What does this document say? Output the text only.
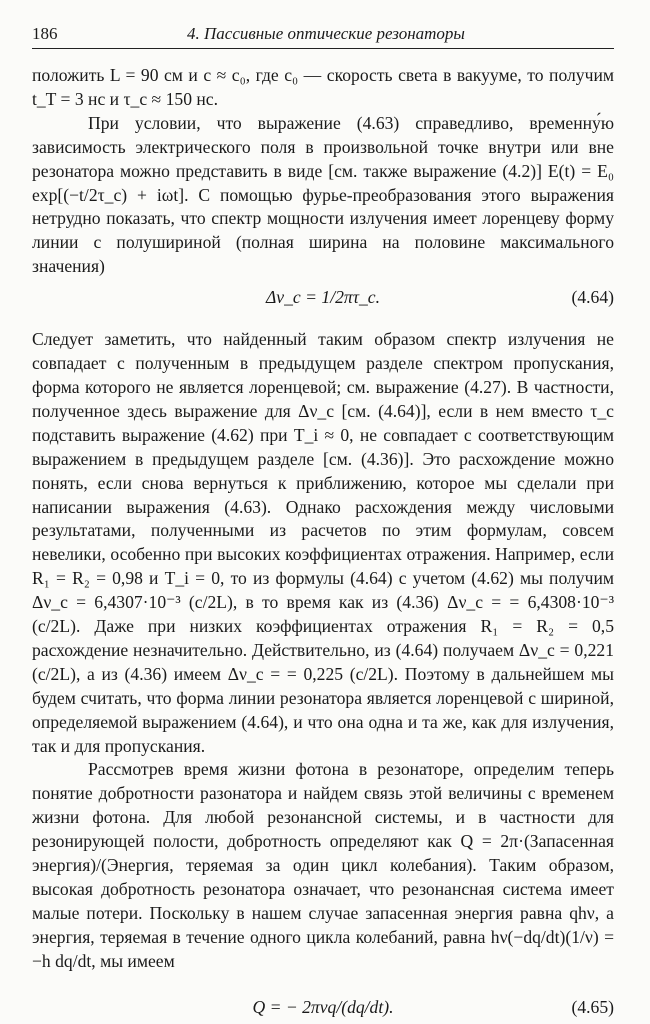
186	4. Пассивные оптические резонаторы

положить L = 90 см и c ≈ c₀, где c₀ — скорость света в вакууме, то получим t_T = 3 нс и τ_c ≈ 150 нс.

При условии, что выражение (4.63) справедливо, временну́ю зависимость электрического поля в произвольной точке внутри или вне резонатора можно представить в виде [см. также выражение (4.2)] E(t) = E₀ exp[(−t/2τ_c) + iωt]. С помощью фурье-преобразования этого выражения нетрудно показать, что спектр мощности излучения имеет лоренцеву форму линии с полушириной (полная ширина на половине максимального значения)

Δν_c = 1/2πτ_c.	(4.64)

Следует заметить, что найденный таким образом спектр излучения не совпадает с полученным в предыдущем разделе спектром пропускания, форма которого не является лоренцевой; см. выражение (4.27). В частности, полученное здесь выражение для Δν_c [см. (4.64)], если в нем вместо τ_c подставить выражение (4.62) при T_i ≈ 0, не совпадает с соответствующим выражением в предыдущем разделе [см. (4.36)]. Это расхождение можно понять, если снова вернуться к приближению, которое мы сделали при написании выражения (4.63). Однако расхождения между числовыми результатами, полученными из расчетов по этим формулам, совсем невелики, особенно при высоких коэффициентах отражения. Например, если R₁ = R₂ = 0,98 и T_i = 0, то из формулы (4.64) с учетом (4.62) мы получим Δν_c = 6,4307·10⁻³ (c/2L), в то время как из (4.36) Δν_c = = 6,4308·10⁻³ (c/2L). Даже при низких коэффициентах отражения R₁ = R₂ = 0,5 расхождение незначительно. Действительно, из (4.64) получаем Δν_c = 0,221 (c/2L), а из (4.36) имеем Δν_c = = 0,225 (c/2L). Поэтому в дальнейшем мы будем считать, что форма линии резонатора является лоренцевой с шириной, определяемой выражением (4.64), и что она одна и та же, как для излучения, так и для пропускания.

Рассмотрев время жизни фотона в резонаторе, определим теперь понятие добротности разонатора и найдем связь этой величины с временем жизни фотона. Для любой резонансной системы, и в частности для резонирующей полости, добротность определяют как Q = 2π·(Запасенная энергия)/(Энергия, теряемая за один цикл колебания). Таким образом, высокая добротность резонатора означает, что резонансная система имеет малые потери. Поскольку в нашем случае запасенная энергия равна qhν, а энергия, теряемая в течение одного цикла колебаний, равна hν(−dq/dt)(1/ν) = −h dq/dt, мы имеем

Q = − 2πνq/(dq/dt).	(4.65)
